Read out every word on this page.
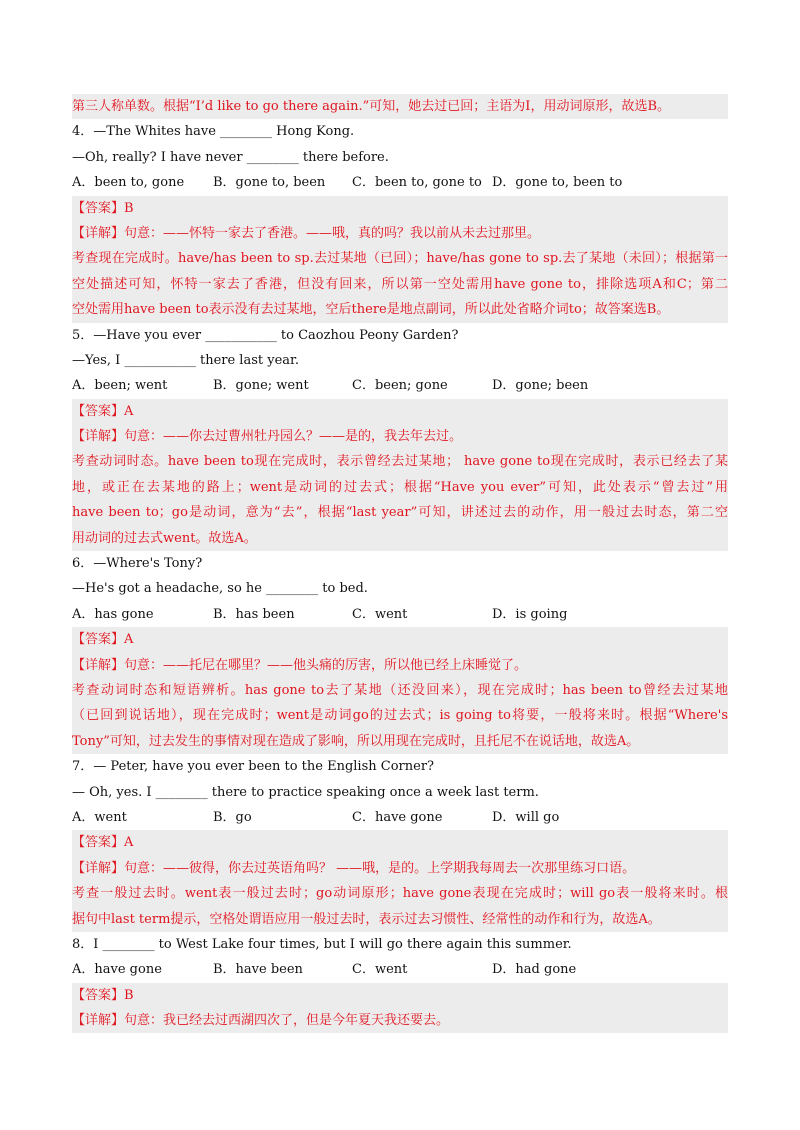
第三人称单数。根据“I’d like to go there again.”可知，她去过已回；主语为I，用动词原形，故选B。
4．—The Whites have ________ Hong Kong.
—Oh, really? I have never ________ there before.
A．been to, gone B．gone to, been C．been to, gone to D．gone to, been to
【答案】B
【详解】句意：——怀特一家去了香港。——哦，真的吗？我以前从未去过那里。
考查现在完成时。have/has been to sp.去过某地（已回）；have/has gone to sp.去了某地（未回）；根据第一
空处描述可知，怀特一家去了香港，但没有回来，所以第一空处需用have gone to，排除选项A和C；第二
空处需用have been to表示没有去过某地，空后there是地点副词，所以此处省略介词to；故答案选B。
5．—Have you ever ___________ to Caozhou Peony Garden?
—Yes, I ___________ there last year.
A．been; went	B．gone; went	C．been; gone	D．gone; been
【答案】A
【详解】句意：——你去过曹州牡丹园么？——是的，我去年去过。
考查动词时态。have been to现在完成时，表示曾经去过某地； have gone to现在完成时，表示已经去了某
地，或正在去某地的路上；went是动词的过去式；根据“Have you ever”可知，此处表示“曾去过”用
have been to；go是动词，意为“去”，根据“last year”可知，讲述过去的动作，用一般过去时态，第二空
用动词的过去式went。故选A。
6．—Where's Tony?
—He's got a headache, so he ________ to bed.
A．has gone	B．has been	C．went	D．is going
【答案】A
【详解】句意：——托尼在哪里？——他头痛的厉害，所以他已经上床睡觉了。
考查动词时态和短语辨析。has gone to去了某地（还没回来），现在完成时；has been to曾经去过某地
（已回到说话地），现在完成时；went是动词go的过去式；is going to将要，一般将来时。根据“Where's
Tony”可知，过去发生的事情对现在造成了影响，所以用现在完成时，且托尼不在说话地，故选A。
7．— Peter, have you ever been to the English Corner?
— Oh, yes. I ________ there to practice speaking once a week last term.
A．went	B．go	C．have gone	D．will go
【答案】A
【详解】句意：——彼得，你去过英语角吗？ ——哦，是的。上学期我每周去一次那里练习口语。
考查一般过去时。went表一般过去时；go动词原形；have gone表现在完成时；will go表一般将来时。根
据句中last term提示，空格处谓语应用一般过去时，表示过去习惯性、经常性的动作和行为，故选A。
8．I ________ to West Lake four times, but I will go there again this summer.
A．have gone	B．have been	C．went	D．had gone
【答案】B
【详解】句意：我已经去过西湖四次了，但是今年夏天我还要去。
